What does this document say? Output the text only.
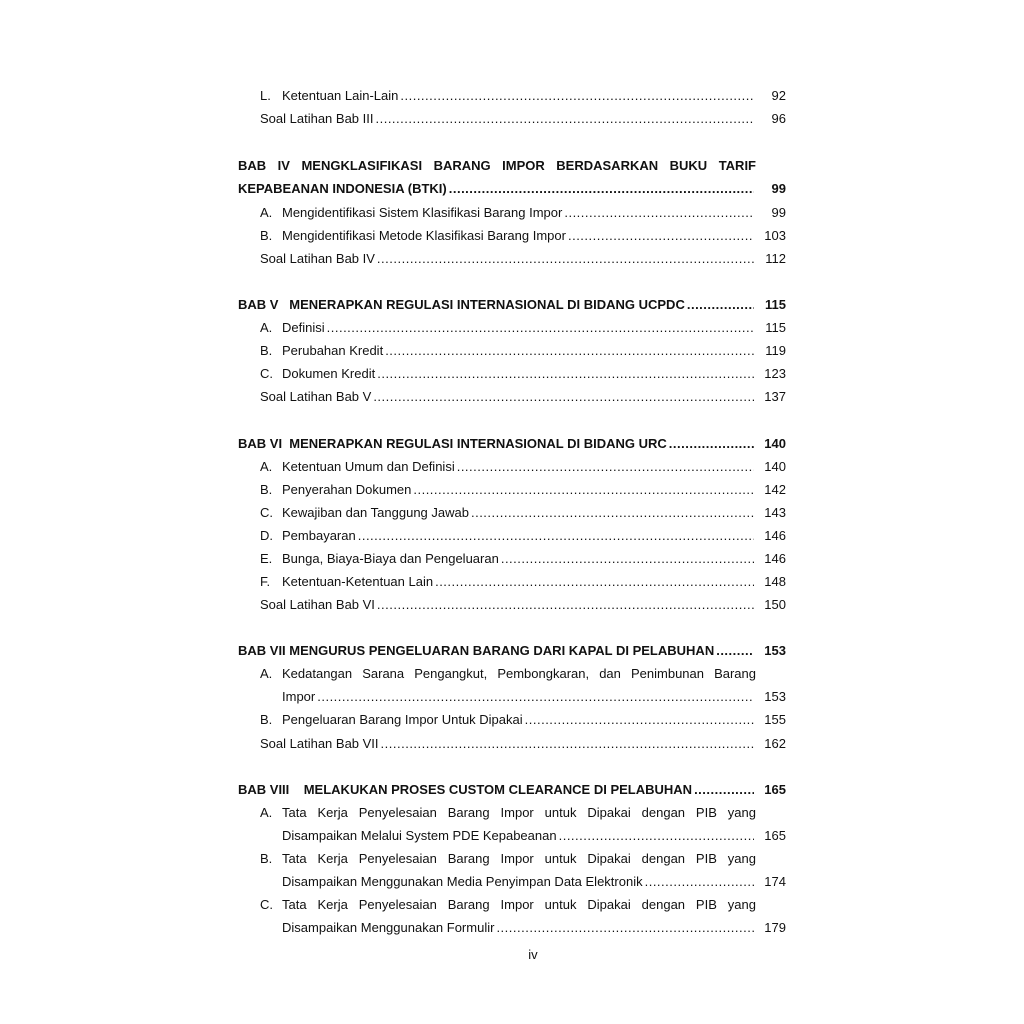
L. Ketentuan Lain-Lain .....	92
Soal Latihan Bab III .....	96
BAB IV MENGKLASIFIKASI BARANG IMPOR BERDASARKAN BUKU TARIF
KEPABEANAN INDONESIA (BTKI) .....	99
A. Mengidentifikasi Sistem Klasifikasi Barang Impor .....	99
B. Mengidentifikasi Metode Klasifikasi Barang Impor .....	103
Soal Latihan Bab IV .....	112
BAB V   MENERAPKAN REGULASI INTERNASIONAL DI BIDANG UCPDC .....	115
A. Definisi .....	115
B. Perubahan Kredit .....	119
C. Dokumen Kredit .....	123
Soal Latihan Bab V .....	137
BAB VI  MENERAPKAN REGULASI INTERNASIONAL DI BIDANG URC .....	140
A. Ketentuan Umum dan Definisi .....	140
B. Penyerahan Dokumen .....	142
C. Kewajiban dan Tanggung Jawab .....	143
D. Pembayaran .....	146
E. Bunga, Biaya-Biaya dan Pengeluaran .....	146
F. Ketentuan-Ketentuan Lain .....	148
Soal Latihan Bab VI .....	150
BAB VII MENGURUS PENGELUARAN BARANG DARI KAPAL DI PELABUHAN .....	153
A. Kedatangan Sarana Pengangkut, Pembongkaran, dan Penimbunan Barang
Impor .....	153
B. Pengeluaran Barang Impor Untuk Dipakai .....	155
Soal Latihan Bab VII .....	162
BAB VIII    MELAKUKAN PROSES CUSTOM CLEARANCE DI PELABUHAN .....	165
A. Tata Kerja Penyelesaian Barang Impor untuk Dipakai dengan PIB yang
Disampaikan Melalui System PDE Kepabeanan .....	165
B. Tata Kerja Penyelesaian Barang Impor untuk Dipakai dengan PIB yang
Disampaikan Menggunakan Media Penyimpan Data Elektronik .....	174
C. Tata Kerja Penyelesaian Barang Impor untuk Dipakai dengan PIB yang
Disampaikan Menggunakan Formulir .....	179
iv
